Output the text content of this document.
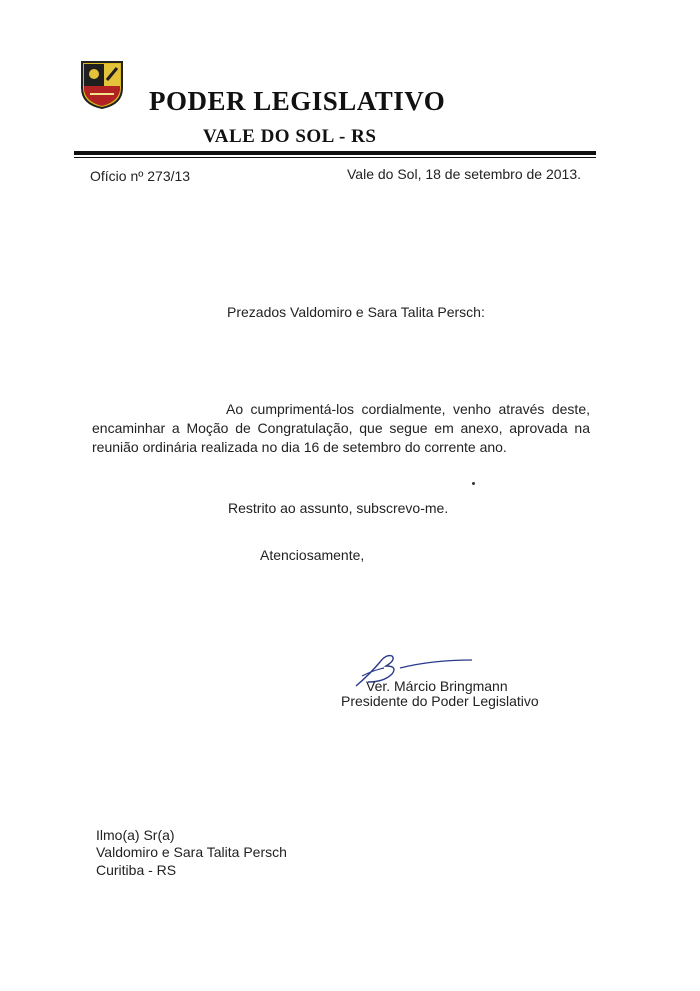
PODER LEGISLATIVO
VALE DO SOL - RS
Ofício nº 273/13	Vale do Sol, 18 de setembro de 2013.
Prezados Valdomiro e Sara Talita Persch:
Ao cumprimentá-los cordialmente, venho através deste, encaminhar a Moção de Congratulação, que segue em anexo, aprovada na reunião ordinária realizada no dia 16 de setembro do corrente ano.
Restrito ao assunto, subscrevo-me.
Atenciosamente,
Ver. Márcio Bringmann
Presidente do Poder Legislativo
Ilmo(a) Sr(a)
Valdomiro e Sara Talita Persch
Curitiba - RS
